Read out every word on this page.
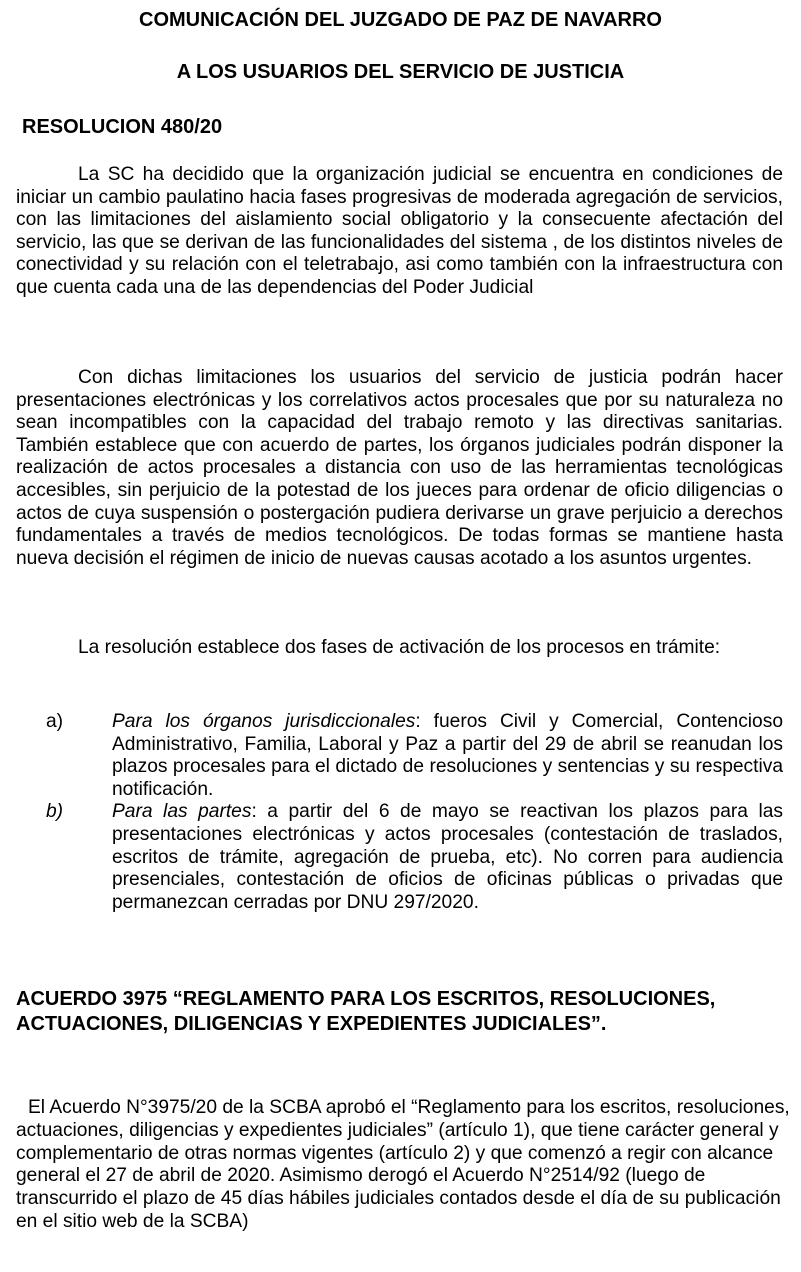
COMUNICACIÓN DEL JUZGADO DE PAZ DE NAVARRO
A LOS USUARIOS DEL SERVICIO DE JUSTICIA
RESOLUCION 480/20

La SC ha decidido que la organización judicial se encuentra en condiciones de iniciar un cambio paulatino hacia fases progresivas de moderada agregación de servicios, con las limitaciones del aislamiento social obligatorio y la consecuente afectación del servicio, las que se derivan de las funcionalidades del sistema , de los distintos niveles de conectividad y su relación con el teletrabajo, asi como también con la infraestructura con que cuenta cada una de las dependencias del Poder Judicial

Con dichas limitaciones los usuarios del servicio de justicia podrán hacer presentaciones electrónicas y los correlativos actos procesales que por su naturaleza no sean incompatibles con la capacidad del trabajo remoto y las directivas sanitarias. También establece que con acuerdo de partes, los órganos judiciales podrán disponer la realización de actos procesales a distancia con uso de las herramientas tecnológicas accesibles, sin perjuicio de la potestad de los jueces para ordenar de oficio diligencias o actos de cuya suspensión o postergación pudiera derivarse un grave perjuicio a derechos fundamentales a través de medios tecnológicos. De todas formas se mantiene hasta nueva decisión el régimen de inicio de nuevas causas acotado a los asuntos urgentes.

La resolución establece dos fases de activación de los procesos en trámite:

a)	Para los órganos jurisdiccionales: fueros Civil y Comercial, Contencioso Administrativo, Familia, Laboral y Paz a partir del 29 de abril se reanudan los plazos procesales para el dictado de resoluciones y sentencias y su respectiva notificación.
b)	Para las partes: a partir del 6 de mayo se reactivan los plazos para las presentaciones electrónicas y actos procesales (contestación de traslados, escritos de trámite, agregación de prueba, etc). No corren para audiencia presenciales, contestación de oficios de oficinas públicas o privadas que permanezcan cerradas por DNU 297/2020.
ACUERDO 3975 “REGLAMENTO PARA LOS ESCRITOS, RESOLUCIONES, ACTUACIONES, DILIGENCIAS Y EXPEDIENTES JUDICIALES”.

El Acuerdo N°3975/20 de la SCBA aprobó el “Reglamento para los escritos, resoluciones, actuaciones, diligencias y expedientes judiciales” (artículo 1), que tiene carácter general y complementario de otras normas vigentes (artículo 2) y que comenzó a regir con alcance general el 27 de abril de 2020. Asimismo derogó el Acuerdo N°2514/92 (luego de transcurrido el plazo de 45 días hábiles judiciales contados desde el día de su publicación en el sitio web de la SCBA)
